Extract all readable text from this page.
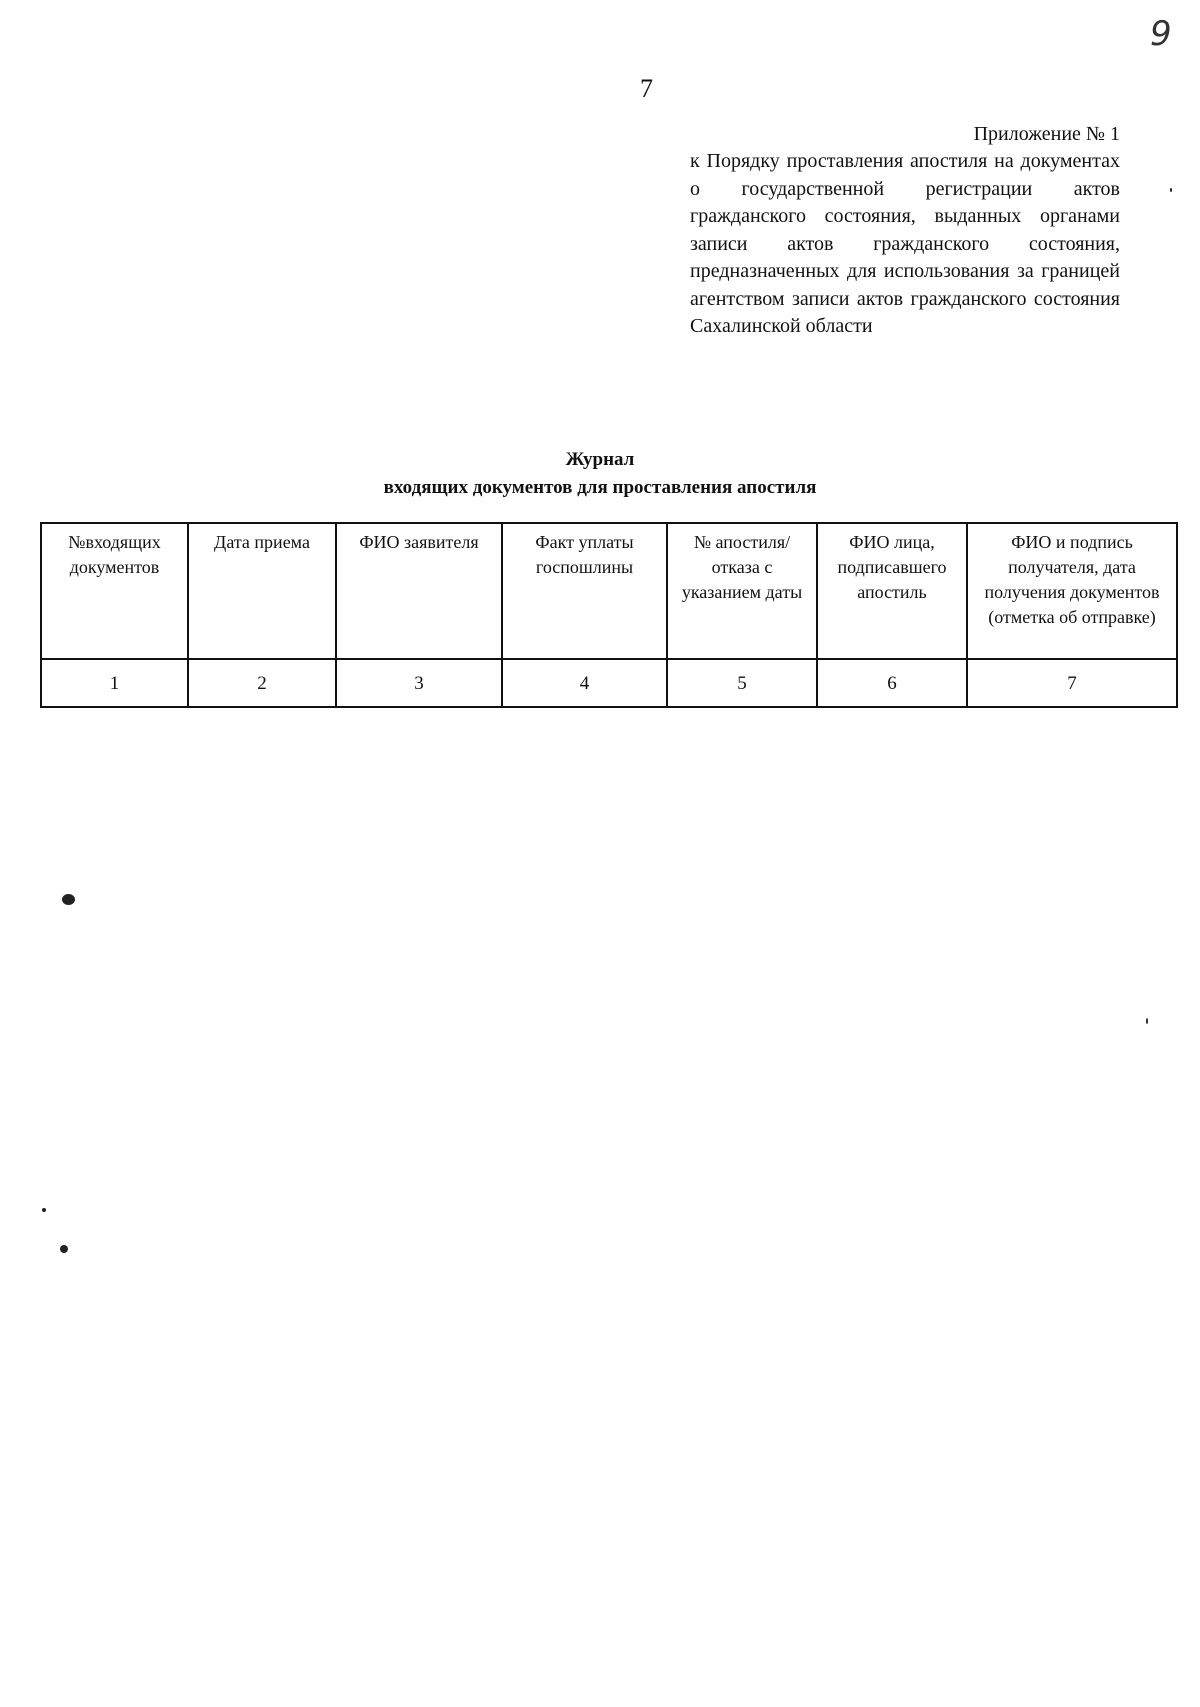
9
7
Приложение № 1
к Порядку проставления апостиля на документах о государственной регистрации актов гражданского состояния, выданных органами записи актов гражданского состояния, предназначенных для использования за границей агентством записи актов гражданского состояния Сахалинской области
Журнал
входящих документов для проставления апостиля
№входящих документов	Дата приема	ФИО заявителя	Факт уплаты госпошлины	№ апостиля/ отказа с указанием даты	ФИО лица, подписавшего апостиль	ФИО и подпись получателя, дата получения документов (отметка об отправке)
1	2	3	4	5	6	7
